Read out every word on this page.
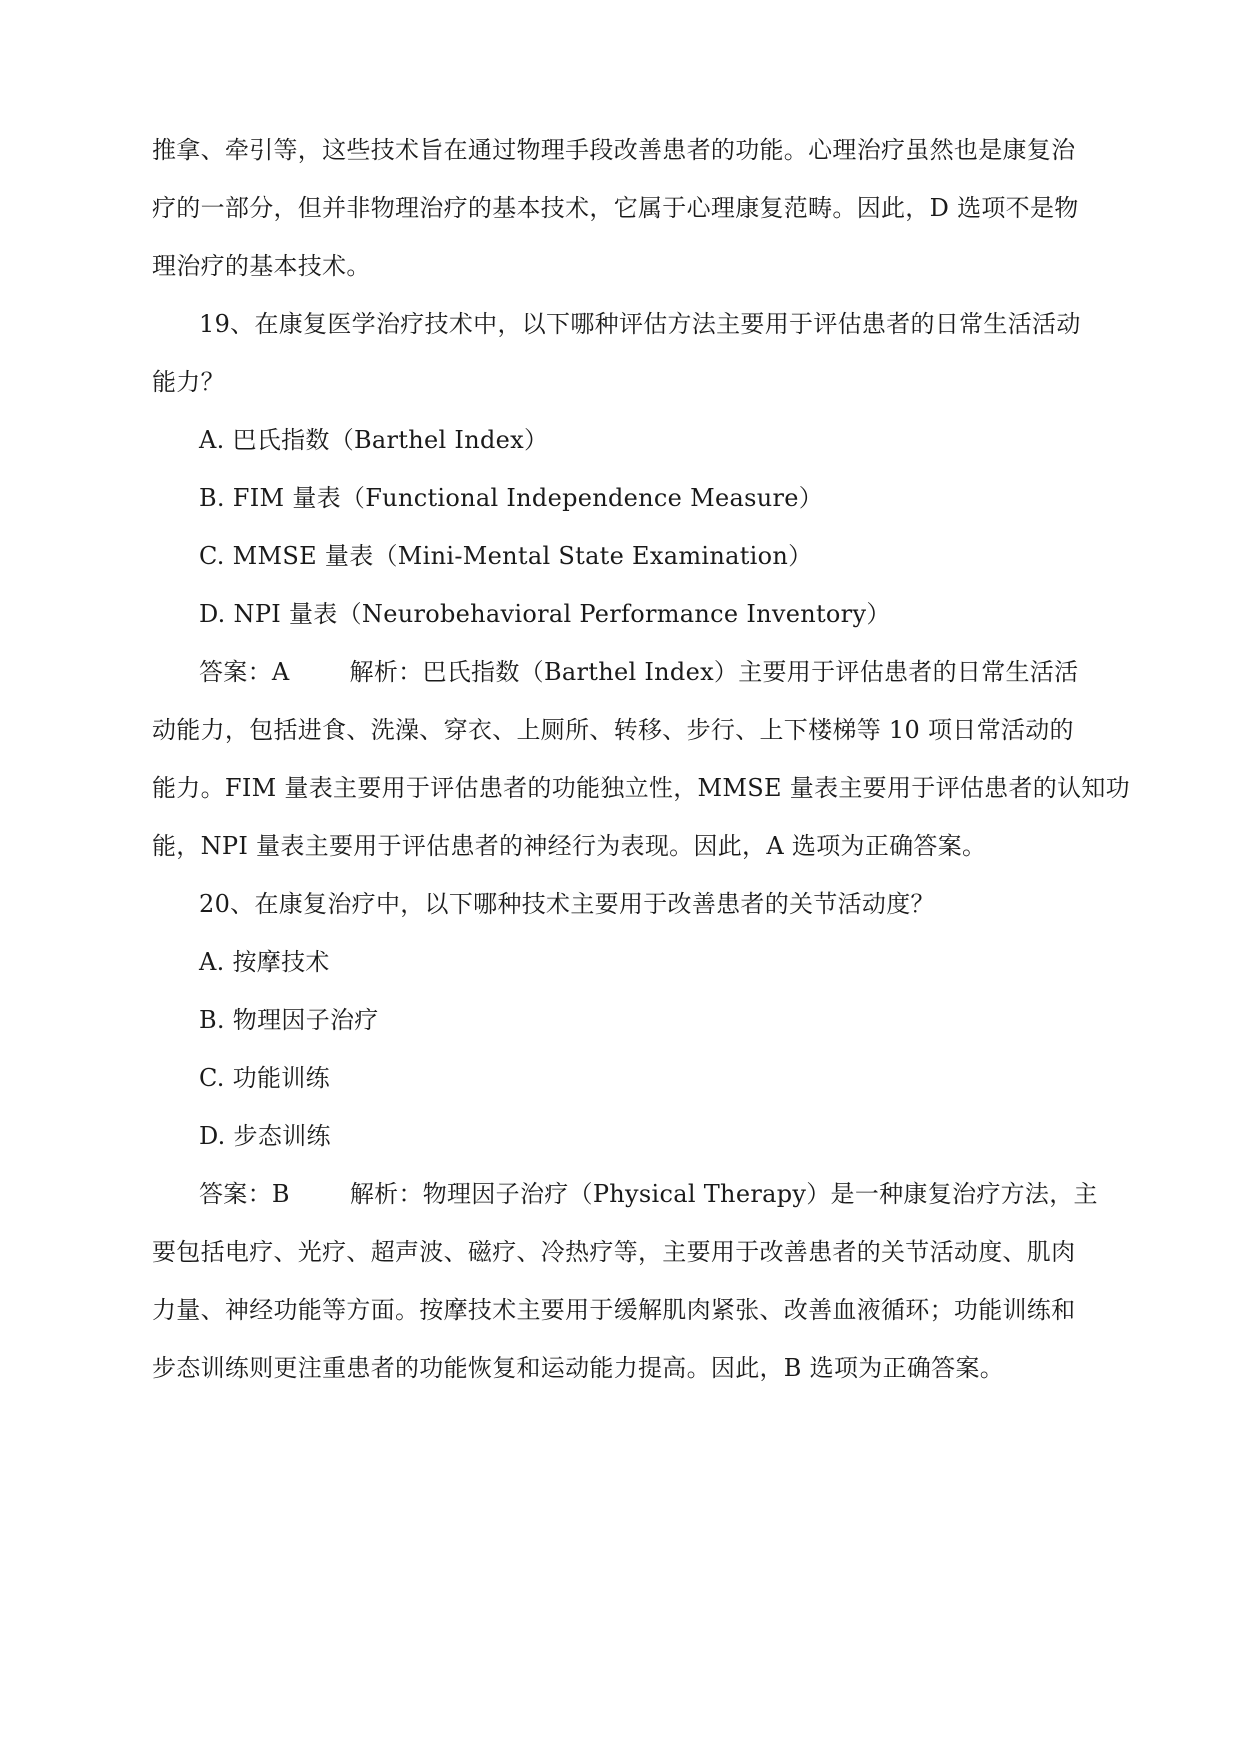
推拿、牵引等，这些技术旨在通过物理手段改善患者的功能。心理治疗虽然也是康复治
疗的一部分，但并非物理治疗的基本技术，它属于心理康复范畴。因此，D 选项不是物
理治疗的基本技术。
19、在康复医学治疗技术中，以下哪种评估方法主要用于评估患者的日常生活活动
能力？
A. 巴氏指数（Barthel Index）
B. FIM 量表（Functional Independence Measure）
C. MMSE 量表（Mini-Mental State Examination）
D. NPI 量表（Neurobehavioral Performance Inventory）
答案：A	解析：巴氏指数（Barthel Index）主要用于评估患者的日常生活活
动能力，包括进食、洗澡、穿衣、上厕所、转移、步行、上下楼梯等 10 项日常活动的
能力。FIM 量表主要用于评估患者的功能独立性，MMSE 量表主要用于评估患者的认知功
能，NPI 量表主要用于评估患者的神经行为表现。因此，A 选项为正确答案。
20、在康复治疗中，以下哪种技术主要用于改善患者的关节活动度？
A. 按摩技术
B. 物理因子治疗
C. 功能训练
D. 步态训练
答案：B	解析：物理因子治疗（Physical Therapy）是一种康复治疗方法，主
要包括电疗、光疗、超声波、磁疗、冷热疗等，主要用于改善患者的关节活动度、肌肉
力量、神经功能等方面。按摩技术主要用于缓解肌肉紧张、改善血液循环；功能训练和
步态训练则更注重患者的功能恢复和运动能力提高。因此，B 选项为正确答案。
